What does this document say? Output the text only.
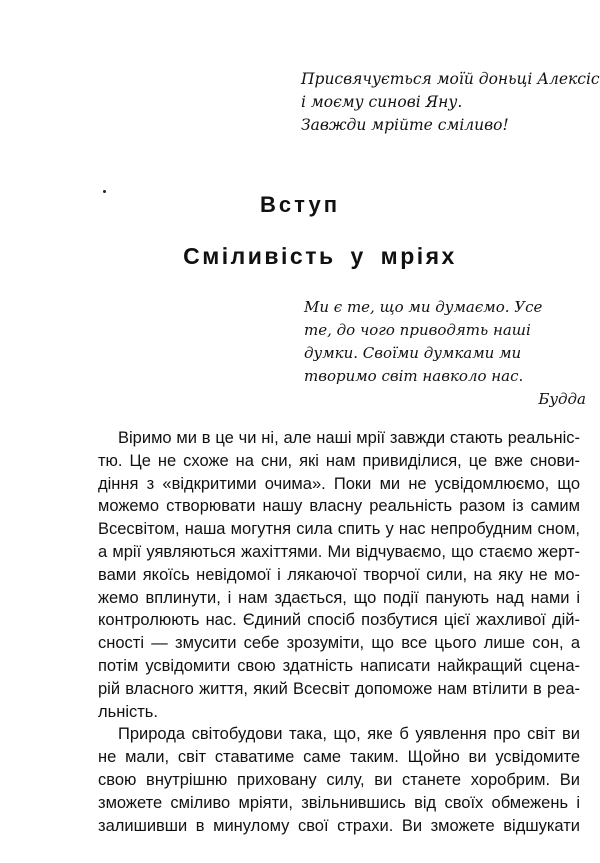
Присвячується моїй доньці Алексіс
і моєму синові Яну.
Завжди мрійте сміливо!
Вступ
Сміливість у мріях
Ми є те, що ми думаємо. Усе
те, до чого приводять наші
думки. Своїми думками ми
творимо світ навколо нас.
Будда
Віримо ми в це чи ні, але наші мрії завжди стають реальніс-
тю. Це не схоже на сни, які нам привиділися, це вже снови-
діння з «відкритими очима». Поки ми не усвідомлюємо, що
можемо створювати нашу власну реальність разом із самим
Всесвітом, наша могутня сила спить у нас непробудним сном,
а мрії уявляються жахіттями. Ми відчуваємо, що стаємо жерт-
вами якоїсь невідомої і лякаючої творчої сили, на яку не мо-
жемо вплинути, і нам здається, що події панують над нами і
контролюють нас. Єдиний спосіб позбутися цієї жахливої дій-
сності — змусити себе зрозуміти, що все цього лише сон, а
потім усвідомити свою здатність написати найкращий сцена-
рій власного життя, який Всесвіт допоможе нам втілити в реа-
льність.
Природа світобудови така, що, яке б уявлення про світ ви
не мали, світ ставатиме саме таким. Щойно ви усвідомите
свою внутрішню приховану силу, ви станете хоробрим. Ви
зможете сміливо мріяти, звільнившись від своїх обмежень і
залишивши в минулому свої страхи. Ви зможете відшукати
